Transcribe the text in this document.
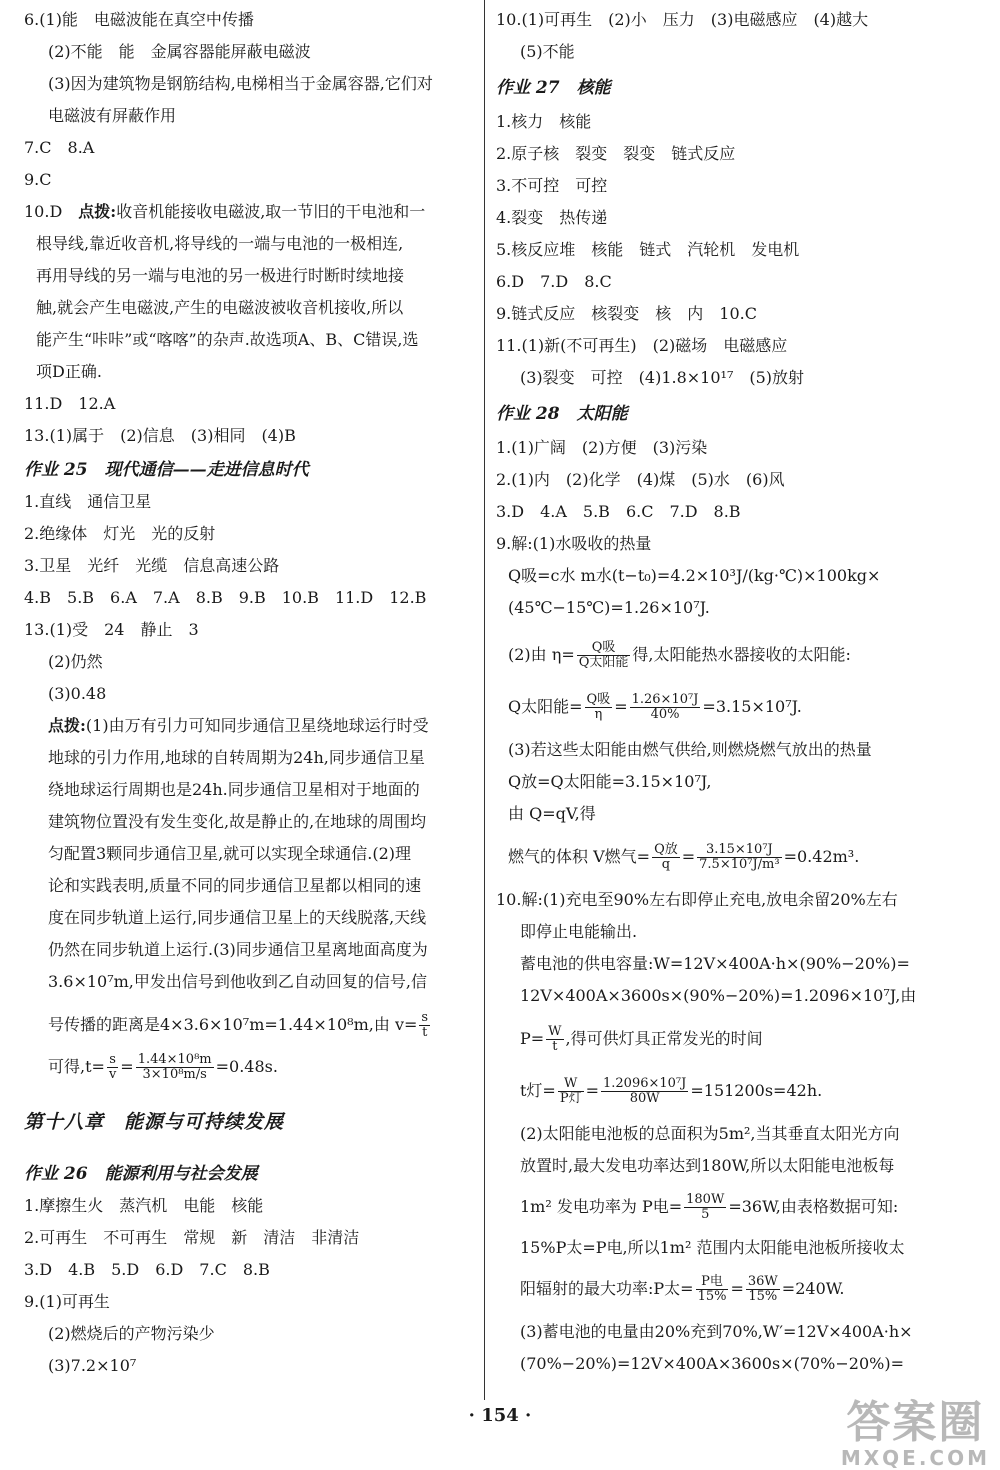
6.(1)能　电磁波能在真空中传播
(2)不能　能　金属容器能屏蔽电磁波
(3)因为建筑物是钢筋结构,电梯相当于金属容器,它们对
电磁波有屏蔽作用
7.C　8.A
9.C
10.D　点拨:收音机能接收电磁波,取一节旧的干电池和一
根导线,靠近收音机,将导线的一端与电池的一极相连,
再用导线的另一端与电池的另一极进行时断时续地接
触,就会产生电磁波,产生的电磁波被收音机接收,所以
能产生“咔咔”或“喀喀”的杂声.故选项A、B、C错误,选
项D正确.
11.D　12.A
13.(1)属于　(2)信息　(3)相同　(4)B
作业 25　现代通信——走进信息时代
1.直线　通信卫星
2.绝缘体　灯光　光的反射
3.卫星　光纤　光缆　信息高速公路
4.B　5.B　6.A　7.A　8.B　9.B　10.B　11.D　12.B
13.(1)受　24　静止　3
(2)仍然
(3)0.48
点拨:(1)由万有引力可知同步通信卫星绕地球运行时受
地球的引力作用,地球的自转周期为24h,同步通信卫星
绕地球运行周期也是24h.同步通信卫星相对于地面的
建筑物位置没有发生变化,故是静止的,在地球的周围均
匀配置3颗同步通信卫星,就可以实现全球通信.(2)理
论和实践表明,质量不同的同步通信卫星都以相同的速
度在同步轨道上运行,同步通信卫星上的天线脱落,天线
仍然在同步轨道上运行.(3)同步通信卫星离地面高度为
3.6×10⁷m,甲发出信号到他收到乙自动回复的信号,信
号传播的距离是4×3.6×10⁷m=1.44×10⁸m,由 $v= \frac{s}{t}$
可得$,t= \frac{s}{v} = \frac{\text{1.44×10⁸m}}{\text{3×10⁸m/s}} =0.48s$.
第十八章　能源与可持续发展
作业 26　能源利用与社会发展
1.摩擦生火　蒸汽机　电能　核能
2.可再生　不可再生　常规　新　清洁　非清洁
3.D　4.B　5.D　6.D　7.C　8.B
9.(1)可再生
(2)燃烧后的产物污染少
(3)7.2×10⁷
10.(1)可再生　(2)小　压力　(3)电磁感应　(4)越大
(5)不能
作业 27　核能
1.核力　核能
2.原子核　裂变　裂变　链式反应
3.不可控　可控
4.裂变　热传递
5.核反应堆　核能　链式　汽轮机　发电机
6.D　7.D　8.C
9.链式反应　核裂变　核　内　10.C
11.(1)新(不可再生)　(2)磁场　电磁感应
(3)裂变　可控　(4)1.8×10¹⁷　(5)放射
作业 28　太阳能
1.(1)广阔　(2)方便　(3)污染
2.(1)内　(2)化学　(4)煤　(5)水　(6)风
3.D　4.A　5.B　6.C　7.D　8.B
9.解:(1)水吸收的热量
Q吸=c水 m水(t−t₀)=4.2×10³J/(kg·℃)×100kg×
(45℃−15℃)=1.26×10⁷J.
(2)由 $\eta= \frac{\text{Q吸}}{\text{Q太阳能}}$ 得,太阳能热水器接收的太阳能:
Q太阳能= $\frac{\text{Q吸}}{\eta} = \frac{\text{1.26×10⁷J}}{40\%} =3.15\times 10^7J$.
(3)若这些太阳能由燃气供给,则燃烧燃气放出的热量
Q放=Q太阳能=3.15×10⁷J,
由 Q=qV,得
燃气的体积 V燃气= $\frac{\text{Q放}}{q} = \frac{\text{3.15×10⁷J}}{\text{7.5×10⁷J/m³}} =0.42m^3$.
10.解:(1)充电至90%左右即停止充电,放电余留20%左右
即停止电能输出.
蓄电池的供电容量:W=12V×400A·h×(90%−20%)=
12V×400A×3600s×(90%−20%)=1.2096×10⁷J,由
$P= \frac{W}{t}$ ,得可供灯具正常发光的时间
t灯= $\frac{W}{\text{P灯}} = \frac{\text{1.2096×10⁷J}}{80W} =151200s=42h$.
(2)太阳能电池板的总面积为5m²,当其垂直太阳光方向
放置时,最大发电功率达到180W,所以太阳能电池板每
1m² 发电功率为 P电= $\frac{180W}{5} =36W$,由表格数据可知:
15%P太=P电,所以1m² 范围内太阳能电池板所接收太
阳辐射的最大功率:P太= $\frac{\text{P电}}{15\%} = \frac{36W}{15\%} =240W$.
(3)蓄电池的电量由20%充到70%,W′=12V×400A·h×
(70%−20%)=12V×400A×3600s×(70%−20%)=
· 154 ·	答案圈
MXQE.COM
